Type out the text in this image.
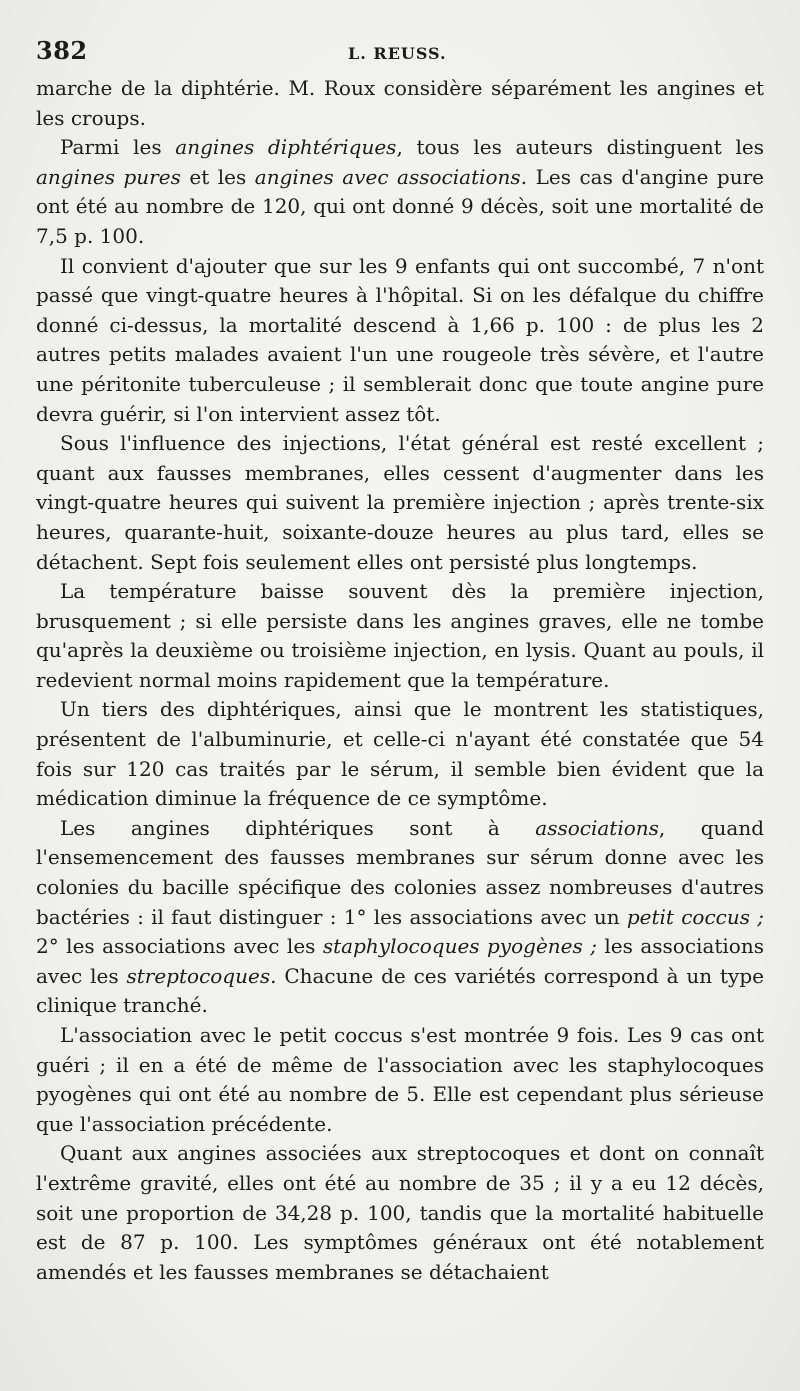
382	L. REUSS.

marche de la diphtérie. M. Roux considère séparément les angines et les croups.

Parmi les angines diphtériques, tous les auteurs distinguent les angines pures et les angines avec associations. Les cas d'angine pure ont été au nombre de 120, qui ont donné 9 décès, soit une mortalité de 7,5 p. 100.

Il convient d'ajouter que sur les 9 enfants qui ont succombé, 7 n'ont passé que vingt-quatre heures à l'hôpital. Si on les défalque du chiffre donné ci-dessus, la mortalité descend à 1,66 p. 100 : de plus les 2 autres petits malades avaient l'un une rougeole très sévère, et l'autre une péritonite tuberculeuse ; il semblerait donc que toute angine pure devra guérir, si l'on intervient assez tôt.

Sous l'influence des injections, l'état général est resté excellent ; quant aux fausses membranes, elles cessent d'augmenter dans les vingt-quatre heures qui suivent la première injection ; après trente-six heures, quarante-huit, soixante-douze heures au plus tard, elles se détachent. Sept fois seulement elles ont persisté plus longtemps.

La température baisse souvent dès la première injection, brusquement ; si elle persiste dans les angines graves, elle ne tombe qu'après la deuxième ou troisième injection, en lysis. Quant au pouls, il redevient normal moins rapidement que la température.

Un tiers des diphtériques, ainsi que le montrent les statistiques, présentent de l'albuminurie, et celle-ci n'ayant été constatée que 54 fois sur 120 cas traités par le sérum, il semble bien évident que la médication diminue la fréquence de ce symptôme.

Les angines diphtériques sont à associations, quand l'ensemencement des fausses membranes sur sérum donne avec les colonies du bacille spécifique des colonies assez nombreuses d'autres bactéries : il faut distinguer : 1° les associations avec un petit coccus ; 2° les associations avec les staphylocoques pyogènes ; les associations avec les streptocoques. Chacune de ces variétés correspond à un type clinique tranché.

L'association avec le petit coccus s'est montrée 9 fois. Les 9 cas ont guéri ; il en a été de même de l'association avec les staphylocoques pyogènes qui ont été au nombre de 5. Elle est cependant plus sérieuse que l'association précédente.

Quant aux angines associées aux streptocoques et dont on connaît l'extrême gravité, elles ont été au nombre de 35 ; il y a eu 12 décès, soit une proportion de 34,28 p. 100, tandis que la mortalité habituelle est de 87 p. 100. Les symptômes généraux ont été notablement amendés et les fausses membranes se détachaient
